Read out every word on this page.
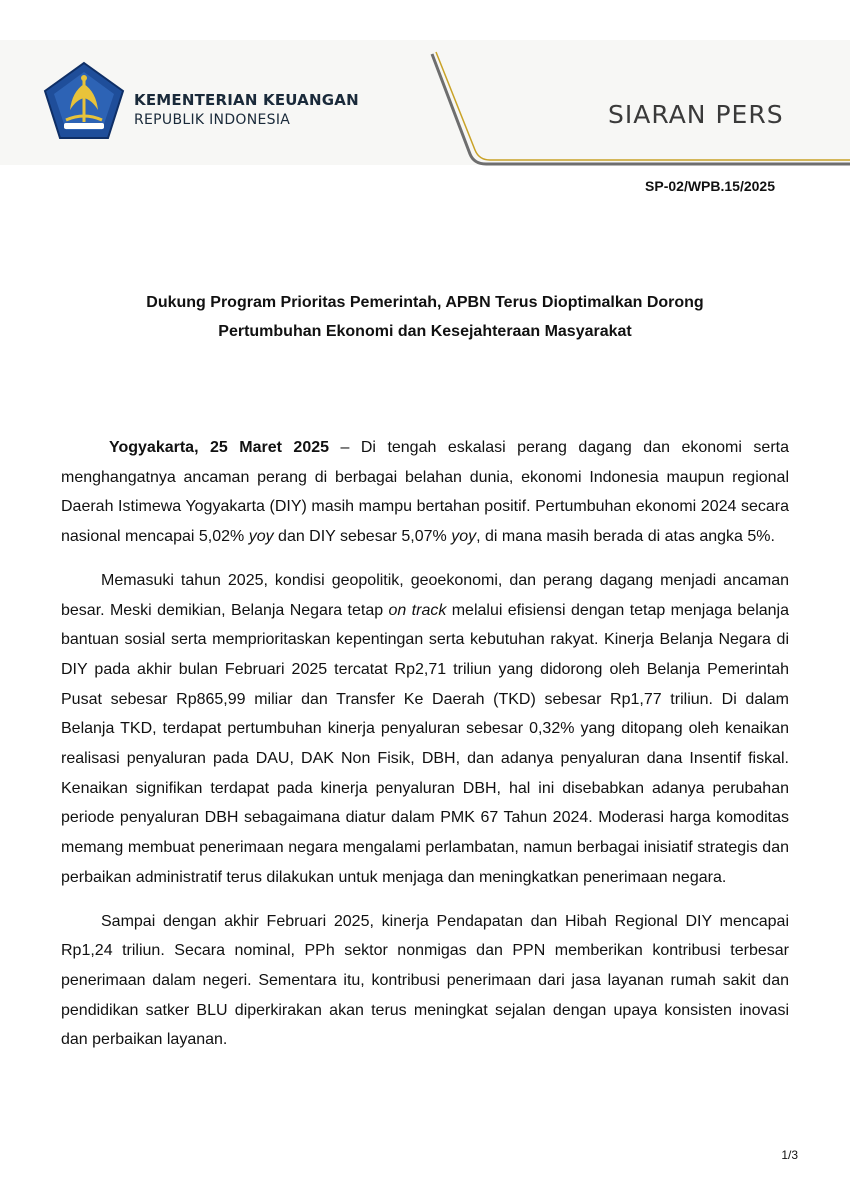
KEMENTERIAN KEUANGAN
REPUBLIK INDONESIA	SIARAN PERS
SP-02/WPB.15/2025
Dukung Program Prioritas Pemerintah, APBN Terus Dioptimalkan Dorong
Pertumbuhan Ekonomi dan Kesejahteraan Masyarakat

Yogyakarta, 25 Maret 2025 – Di tengah eskalasi perang dagang dan ekonomi serta menghangatnya ancaman perang di berbagai belahan dunia, ekonomi Indonesia maupun regional Daerah Istimewa Yogyakarta (DIY) masih mampu bertahan positif. Pertumbuhan ekonomi 2024 secara nasional mencapai 5,02% yoy dan DIY sebesar 5,07% yoy, di mana masih berada di atas angka 5%.

Memasuki tahun 2025, kondisi geopolitik, geoekonomi, dan perang dagang menjadi ancaman besar. Meski demikian, Belanja Negara tetap on track melalui efisiensi dengan tetap menjaga belanja bantuan sosial serta memprioritaskan kepentingan serta kebutuhan rakyat. Kinerja Belanja Negara di DIY pada akhir bulan Februari 2025 tercatat Rp2,71 triliun yang didorong oleh Belanja Pemerintah Pusat sebesar Rp865,99 miliar dan Transfer Ke Daerah (TKD) sebesar Rp1,77 triliun. Di dalam Belanja TKD, terdapat pertumbuhan kinerja penyaluran sebesar 0,32% yang ditopang oleh kenaikan realisasi penyaluran pada DAU, DAK Non Fisik, DBH, dan adanya penyaluran dana Insentif fiskal. Kenaikan signifikan terdapat pada kinerja penyaluran DBH, hal ini disebabkan adanya perubahan periode penyaluran DBH sebagaimana diatur dalam PMK 67 Tahun 2024. Moderasi harga komoditas memang membuat penerimaan negara mengalami perlambatan, namun berbagai inisiatif strategis dan perbaikan administratif terus dilakukan untuk menjaga dan meningkatkan penerimaan negara.

Sampai dengan akhir Februari 2025, kinerja Pendapatan dan Hibah Regional DIY mencapai Rp1,24 triliun. Secara nominal, PPh sektor nonmigas dan PPN memberikan kontribusi terbesar penerimaan dalam negeri. Sementara itu, kontribusi penerimaan dari jasa layanan rumah sakit dan pendidikan satker BLU diperkirakan akan terus meningkat sejalan dengan upaya konsisten inovasi dan perbaikan layanan.

1/3
